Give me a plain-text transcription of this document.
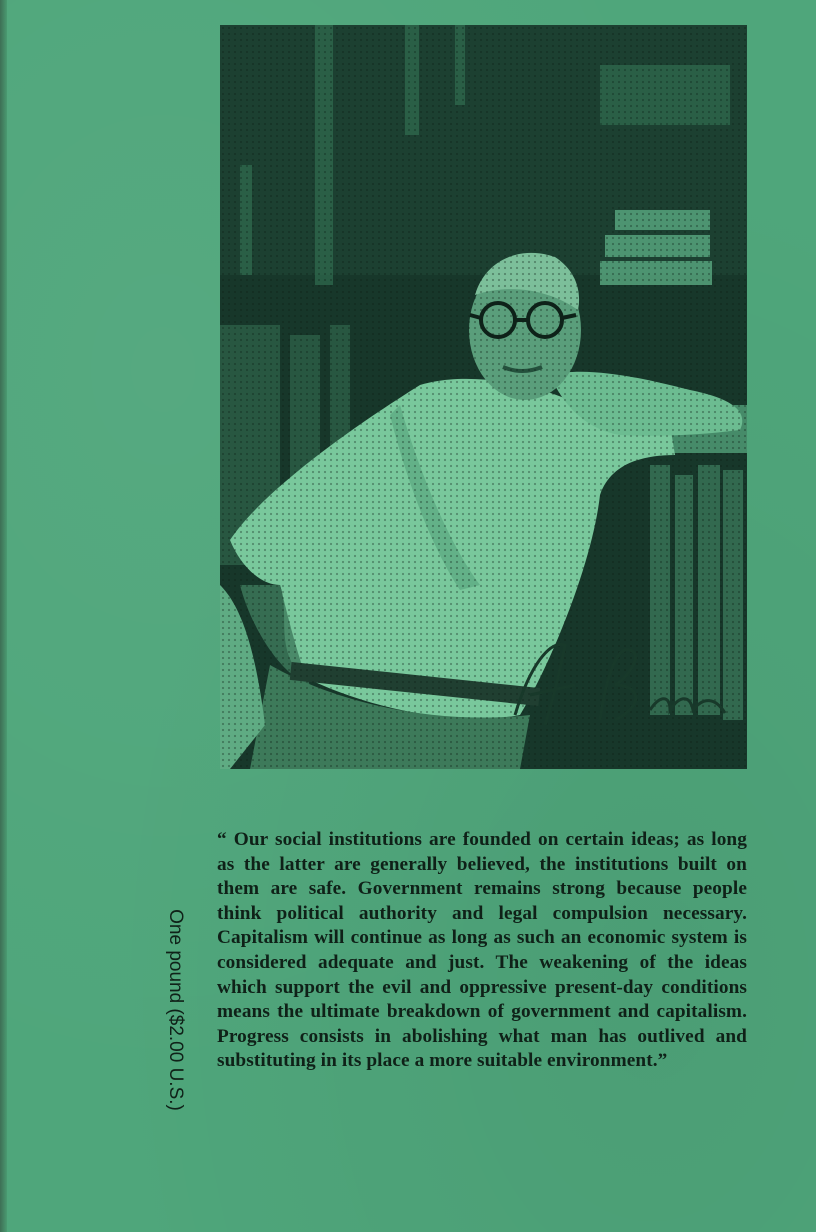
One pound ($2.00 U.S.)

“ Our social institutions are founded on certain ideas; as long as the latter are generally believed, the institutions built on them are safe. Government remains strong because people think political authority and legal compulsion necessary. Capitalism will continue as long as such an economic system is considered adequate and just. The weakening of the ideas which support the evil and oppressive present-day conditions means the ultimate breakdown of government and capitalism. Progress consists in abolishing what man has outlived and substituting in its place a more suitable environment.”
